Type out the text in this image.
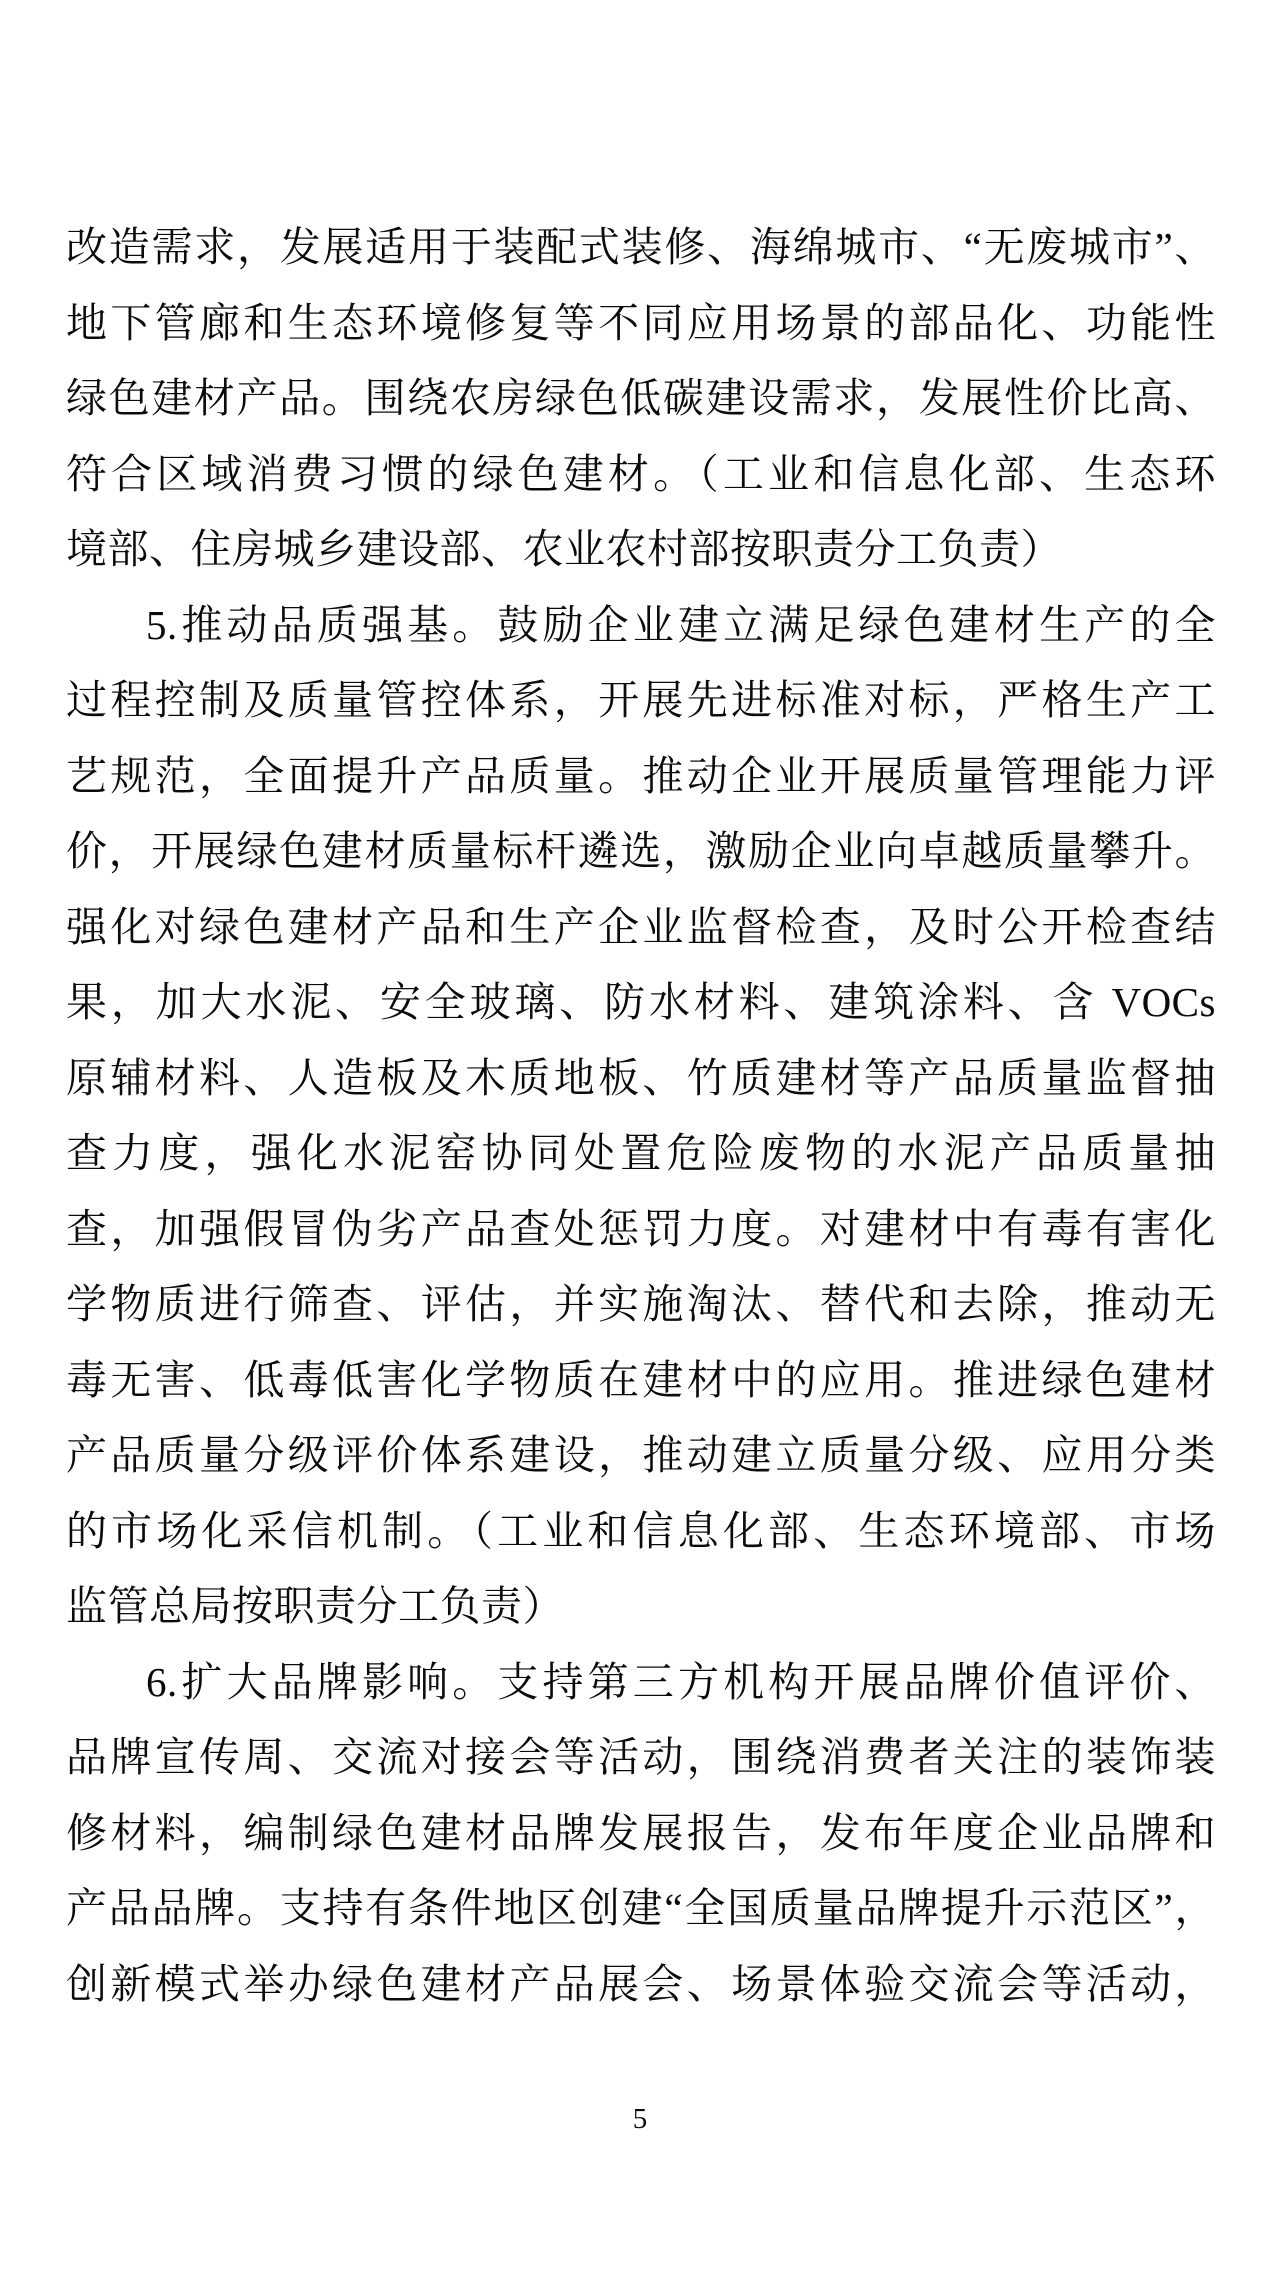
改造需求，发展适用于装配式装修、海绵城市、“无废城市”、
地下管廊和生态环境修复等不同应用场景的部品化、功能性
绿色建材产品。围绕农房绿色低碳建设需求，发展性价比高、
符合区域消费习惯的绿色建材。（工业和信息化部、生态环
境部、住房城乡建设部、农业农村部按职责分工负责）
5.推动品质强基。鼓励企业建立满足绿色建材生产的全
过程控制及质量管控体系，开展先进标准对标，严格生产工
艺规范，全面提升产品质量。推动企业开展质量管理能力评
价，开展绿色建材质量标杆遴选，激励企业向卓越质量攀升。
强化对绿色建材产品和生产企业监督检查，及时公开检查结
果，加大水泥、安全玻璃、防水材料、建筑涂料、含 VOCs
原辅材料、人造板及木质地板、竹质建材等产品质量监督抽
查力度，强化水泥窑协同处置危险废物的水泥产品质量抽
查，加强假冒伪劣产品查处惩罚力度。对建材中有毒有害化
学物质进行筛查、评估，并实施淘汰、替代和去除，推动无
毒无害、低毒低害化学物质在建材中的应用。推进绿色建材
产品质量分级评价体系建设，推动建立质量分级、应用分类
的市场化采信机制。（工业和信息化部、生态环境部、市场
监管总局按职责分工负责）
6.扩大品牌影响。支持第三方机构开展品牌价值评价、
品牌宣传周、交流对接会等活动，围绕消费者关注的装饰装
修材料，编制绿色建材品牌发展报告，发布年度企业品牌和
产品品牌。支持有条件地区创建“全国质量品牌提升示范区”，
创新模式举办绿色建材产品展会、场景体验交流会等活动，
5
